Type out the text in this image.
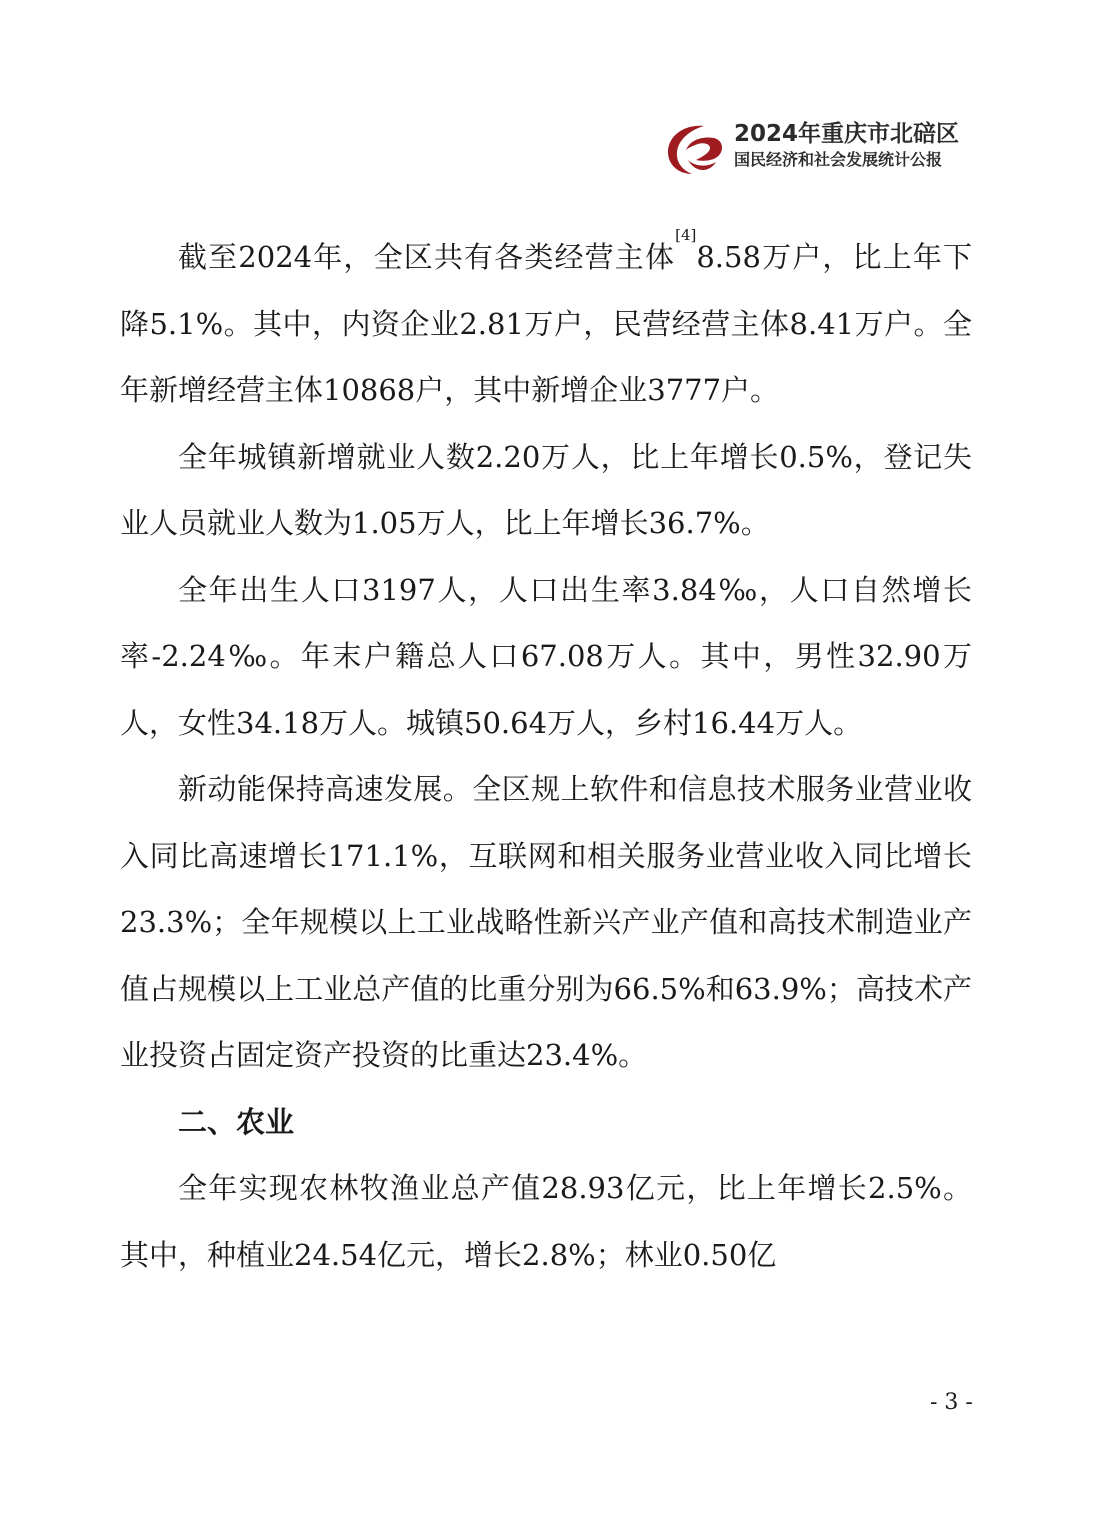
2024年重庆市北碚区
国民经济和社会发展统计公报

截至2024年，全区共有各类经营主体[4]8.58万户，比上年下降5.1%。其中，内资企业2.81万户，民营经营主体8.41万户。全年新增经营主体10868户，其中新增企业3777户。

全年城镇新增就业人数2.20万人，比上年增长0.5%，登记失业人员就业人数为1.05万人，比上年增长36.7%。

全年出生人口3197人，人口出生率3.84‰，人口自然增长率-2.24‰。年末户籍总人口67.08万人。其中，男性32.90万人，女性34.18万人。城镇50.64万人，乡村16.44万人。

新动能保持高速发展。全区规上软件和信息技术服务业营业收入同比高速增长171.1%，互联网和相关服务业营业收入同比增长23.3%；全年规模以上工业战略性新兴产业产值和高技术制造业产值占规模以上工业总产值的比重分别为66.5%和63.9%；高技术产业投资占固定资产投资的比重达23.4%。

二、农业

全年实现农林牧渔业总产值28.93亿元，比上年增长2.5%。其中，种植业24.54亿元，增长2.8%；林业0.50亿

- 3 -
